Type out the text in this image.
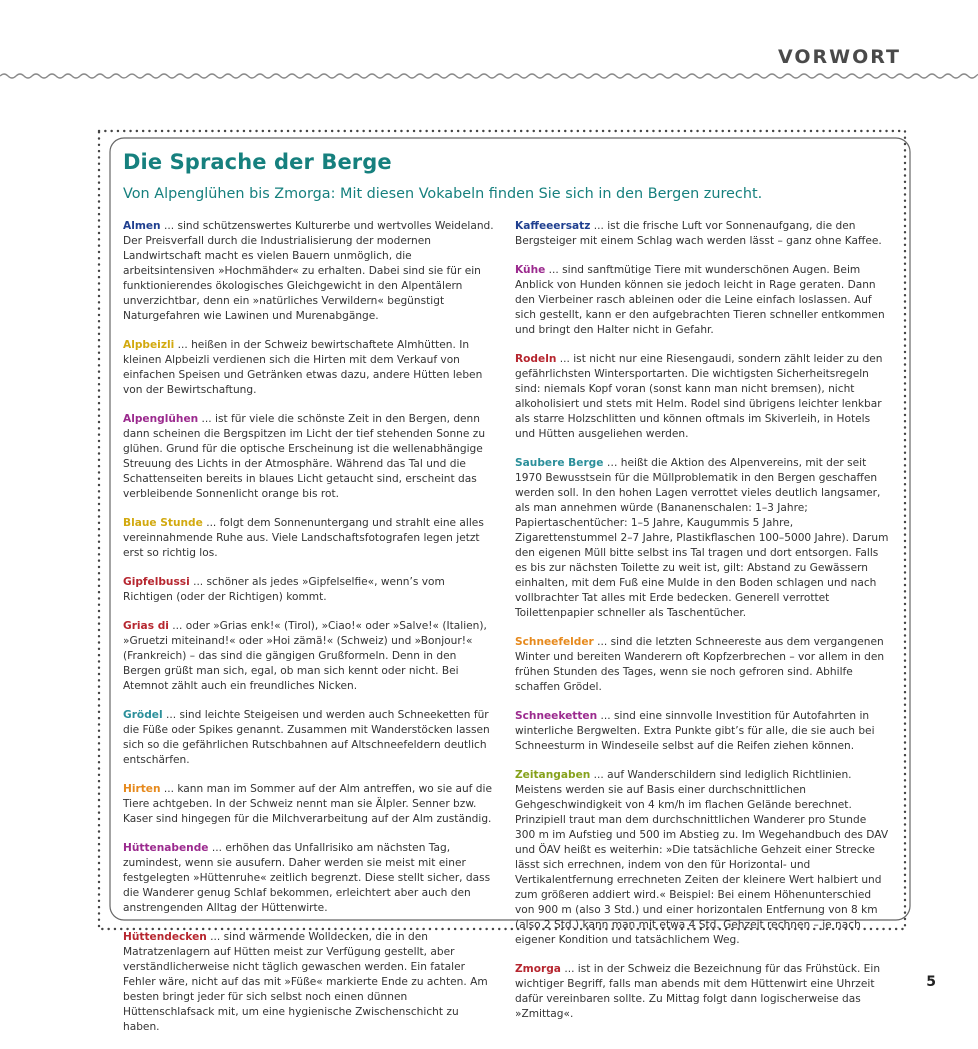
VORWORT
Die Sprache der Berge
Von Alpenglühen bis Zmorga: Mit diesen Vokabeln finden Sie sich in den Bergen zurecht.

Almen ... sind schützenswertes Kulturerbe und wertvolles Weideland. Der Preisverfall durch die Industrialisierung der modernen Landwirtschaft macht es vielen Bauern unmöglich, die arbeitsintensiven »Hochmähder« zu erhalten. Dabei sind sie für ein funktionierendes ökologisches Gleichgewicht in den Alpentälern unverzichtbar, denn ein »natürliches Verwildern« begünstigt Naturgefahren wie Lawinen und Murenabgänge.

Alpbeizli ... heißen in der Schweiz bewirtschaftete Almhütten. In kleinen Alpbeizli verdienen sich die Hirten mit dem Verkauf von einfachen Speisen und Getränken etwas dazu, andere Hütten leben von der Bewirtschaftung.

Alpenglühen ... ist für viele die schönste Zeit in den Bergen, denn dann scheinen die Bergspitzen im Licht der tief stehenden Sonne zu glühen. Grund für die optische Erscheinung ist die wellenabhängige Streuung des Lichts in der Atmosphäre. Während das Tal und die Schattenseiten bereits in blaues Licht getaucht sind, erscheint das verbleibende Sonnenlicht orange bis rot.

Blaue Stunde ... folgt dem Sonnenuntergang und strahlt eine alles vereinnahmende Ruhe aus. Viele Landschaftsfotografen legen jetzt erst so richtig los.

Gipfelbussi ... schöner als jedes »Gipfelselfie«, wenn’s vom Richtigen (oder der Richtigen) kommt.

Grias di ... oder »Grias enk!« (Tirol), »Ciao!« oder »Salve!« (Italien), »Gruetzi miteinand!« oder »Hoi zämä!« (Schweiz) und »Bonjour!« (Frankreich) – das sind die gängigen Grußformeln. Denn in den Bergen grüßt man sich, egal, ob man sich kennt oder nicht. Bei Atemnot zählt auch ein freundliches Nicken.

Grödel ... sind leichte Steigeisen und werden auch Schneeketten für die Füße oder Spikes genannt. Zusammen mit Wanderstöcken lassen sich so die gefährlichen Rutschbahnen auf Altschneefeldern deutlich entschärfen.

Hirten ... kann man im Sommer auf der Alm antreffen, wo sie auf die Tiere achtgeben. In der Schweiz nennt man sie Älpler. Senner bzw. Kaser sind hingegen für die Milchverarbeitung auf der Alm zuständig.

Hüttenabende ... erhöhen das Unfallrisiko am nächsten Tag, zumindest, wenn sie ausufern. Daher werden sie meist mit einer festgelegten »Hüttenruhe« zeitlich begrenzt. Diese stellt sicher, dass die Wanderer genug Schlaf bekommen, erleichtert aber auch den anstrengenden Alltag der Hüttenwirte.

Hüttendecken ... sind wärmende Wolldecken, die in den Matratzenlagern auf Hütten meist zur Verfügung gestellt, aber verständlicherweise nicht täglich gewaschen werden. Ein fataler Fehler wäre, nicht auf das mit »Füße« markierte Ende zu achten. Am besten bringt jeder für sich selbst noch einen dünnen Hüttenschlafsack mit, um eine hygienische Zwischenschicht zu haben.

Kaffeeersatz ... ist die frische Luft vor Sonnenaufgang, die den Bergsteiger mit einem Schlag wach werden lässt – ganz ohne Kaffee.

Kühe ... sind sanftmütige Tiere mit wunderschönen Augen. Beim Anblick von Hunden können sie jedoch leicht in Rage geraten. Dann den Vierbeiner rasch ableinen oder die Leine einfach loslassen. Auf sich gestellt, kann er den aufgebrachten Tieren schneller entkommen und bringt den Halter nicht in Gefahr.

Rodeln ... ist nicht nur eine Riesengaudi, sondern zählt leider zu den gefährlichsten Wintersportarten. Die wichtigsten Sicherheitsregeln sind: niemals Kopf voran (sonst kann man nicht bremsen), nicht alkoholisiert und stets mit Helm. Rodel sind übrigens leichter lenkbar als starre Holzschlitten und können oftmals im Skiverleih, in Hotels und Hütten ausgeliehen werden.

Saubere Berge … heißt die Aktion des Alpenvereins, mit der seit 1970 Bewusstsein für die Müllproblematik in den Bergen geschaffen werden soll. In den hohen Lagen verrottet vieles deutlich langsamer, als man annehmen würde (Bananenschalen: 1–3 Jahre; Papiertaschentücher: 1–5 Jahre, Kaugummis 5 Jahre, Zigarettenstummel 2–7 Jahre, Plastikflaschen 100–5000 Jahre). Darum den eigenen Müll bitte selbst ins Tal tragen und dort entsorgen. Falls es bis zur nächsten Toilette zu weit ist, gilt: Abstand zu Gewässern einhalten, mit dem Fuß eine Mulde in den Boden schlagen und nach vollbrachter Tat alles mit Erde bedecken. Generell verrottet Toilettenpapier schneller als Taschentücher.

Schneefelder ... sind die letzten Schneereste aus dem vergangenen Winter und bereiten Wanderern oft Kopfzerbrechen – vor allem in den frühen Stunden des Tages, wenn sie noch gefroren sind. Abhilfe schaffen Grödel.

Schneeketten ... sind eine sinnvolle Investition für Autofahrten in winterliche Bergwelten. Extra Punkte gibt’s für alle, die sie auch bei Schneesturm in Windeseile selbst auf die Reifen ziehen können.

Zeitangaben ... auf Wanderschildern sind lediglich Richtlinien. Meistens werden sie auf Basis einer durchschnittlichen Gehgeschwindigkeit von 4 km/h im flachen Gelände berechnet. Prinzipiell traut man dem durchschnittlichen Wanderer pro Stunde 300 m im Aufstieg und 500 im Abstieg zu. Im Wegehandbuch des DAV und ÖAV heißt es weiterhin: »Die tatsächliche Gehzeit einer Strecke lässt sich errechnen, indem von den für Horizontal- und Vertikalentfernung errechneten Zeiten der kleinere Wert halbiert und zum größeren addiert wird.« Beispiel: Bei einem Höhenunterschied von 900 m (also 3 Std.) und einer horizontalen Entfernung von 8 km (also 2 Std.) kann man mit etwa 4 Std. Gehzeit rechnen – je nach eigener Kondition und tatsächlichem Weg.

Zmorga ... ist in der Schweiz die Bezeichnung für das Frühstück. Ein wichtiger Begriff, falls man abends mit dem Hüttenwirt eine Uhrzeit dafür vereinbaren sollte. Zu Mittag folgt dann logischerweise das »Zmittag«.

5
